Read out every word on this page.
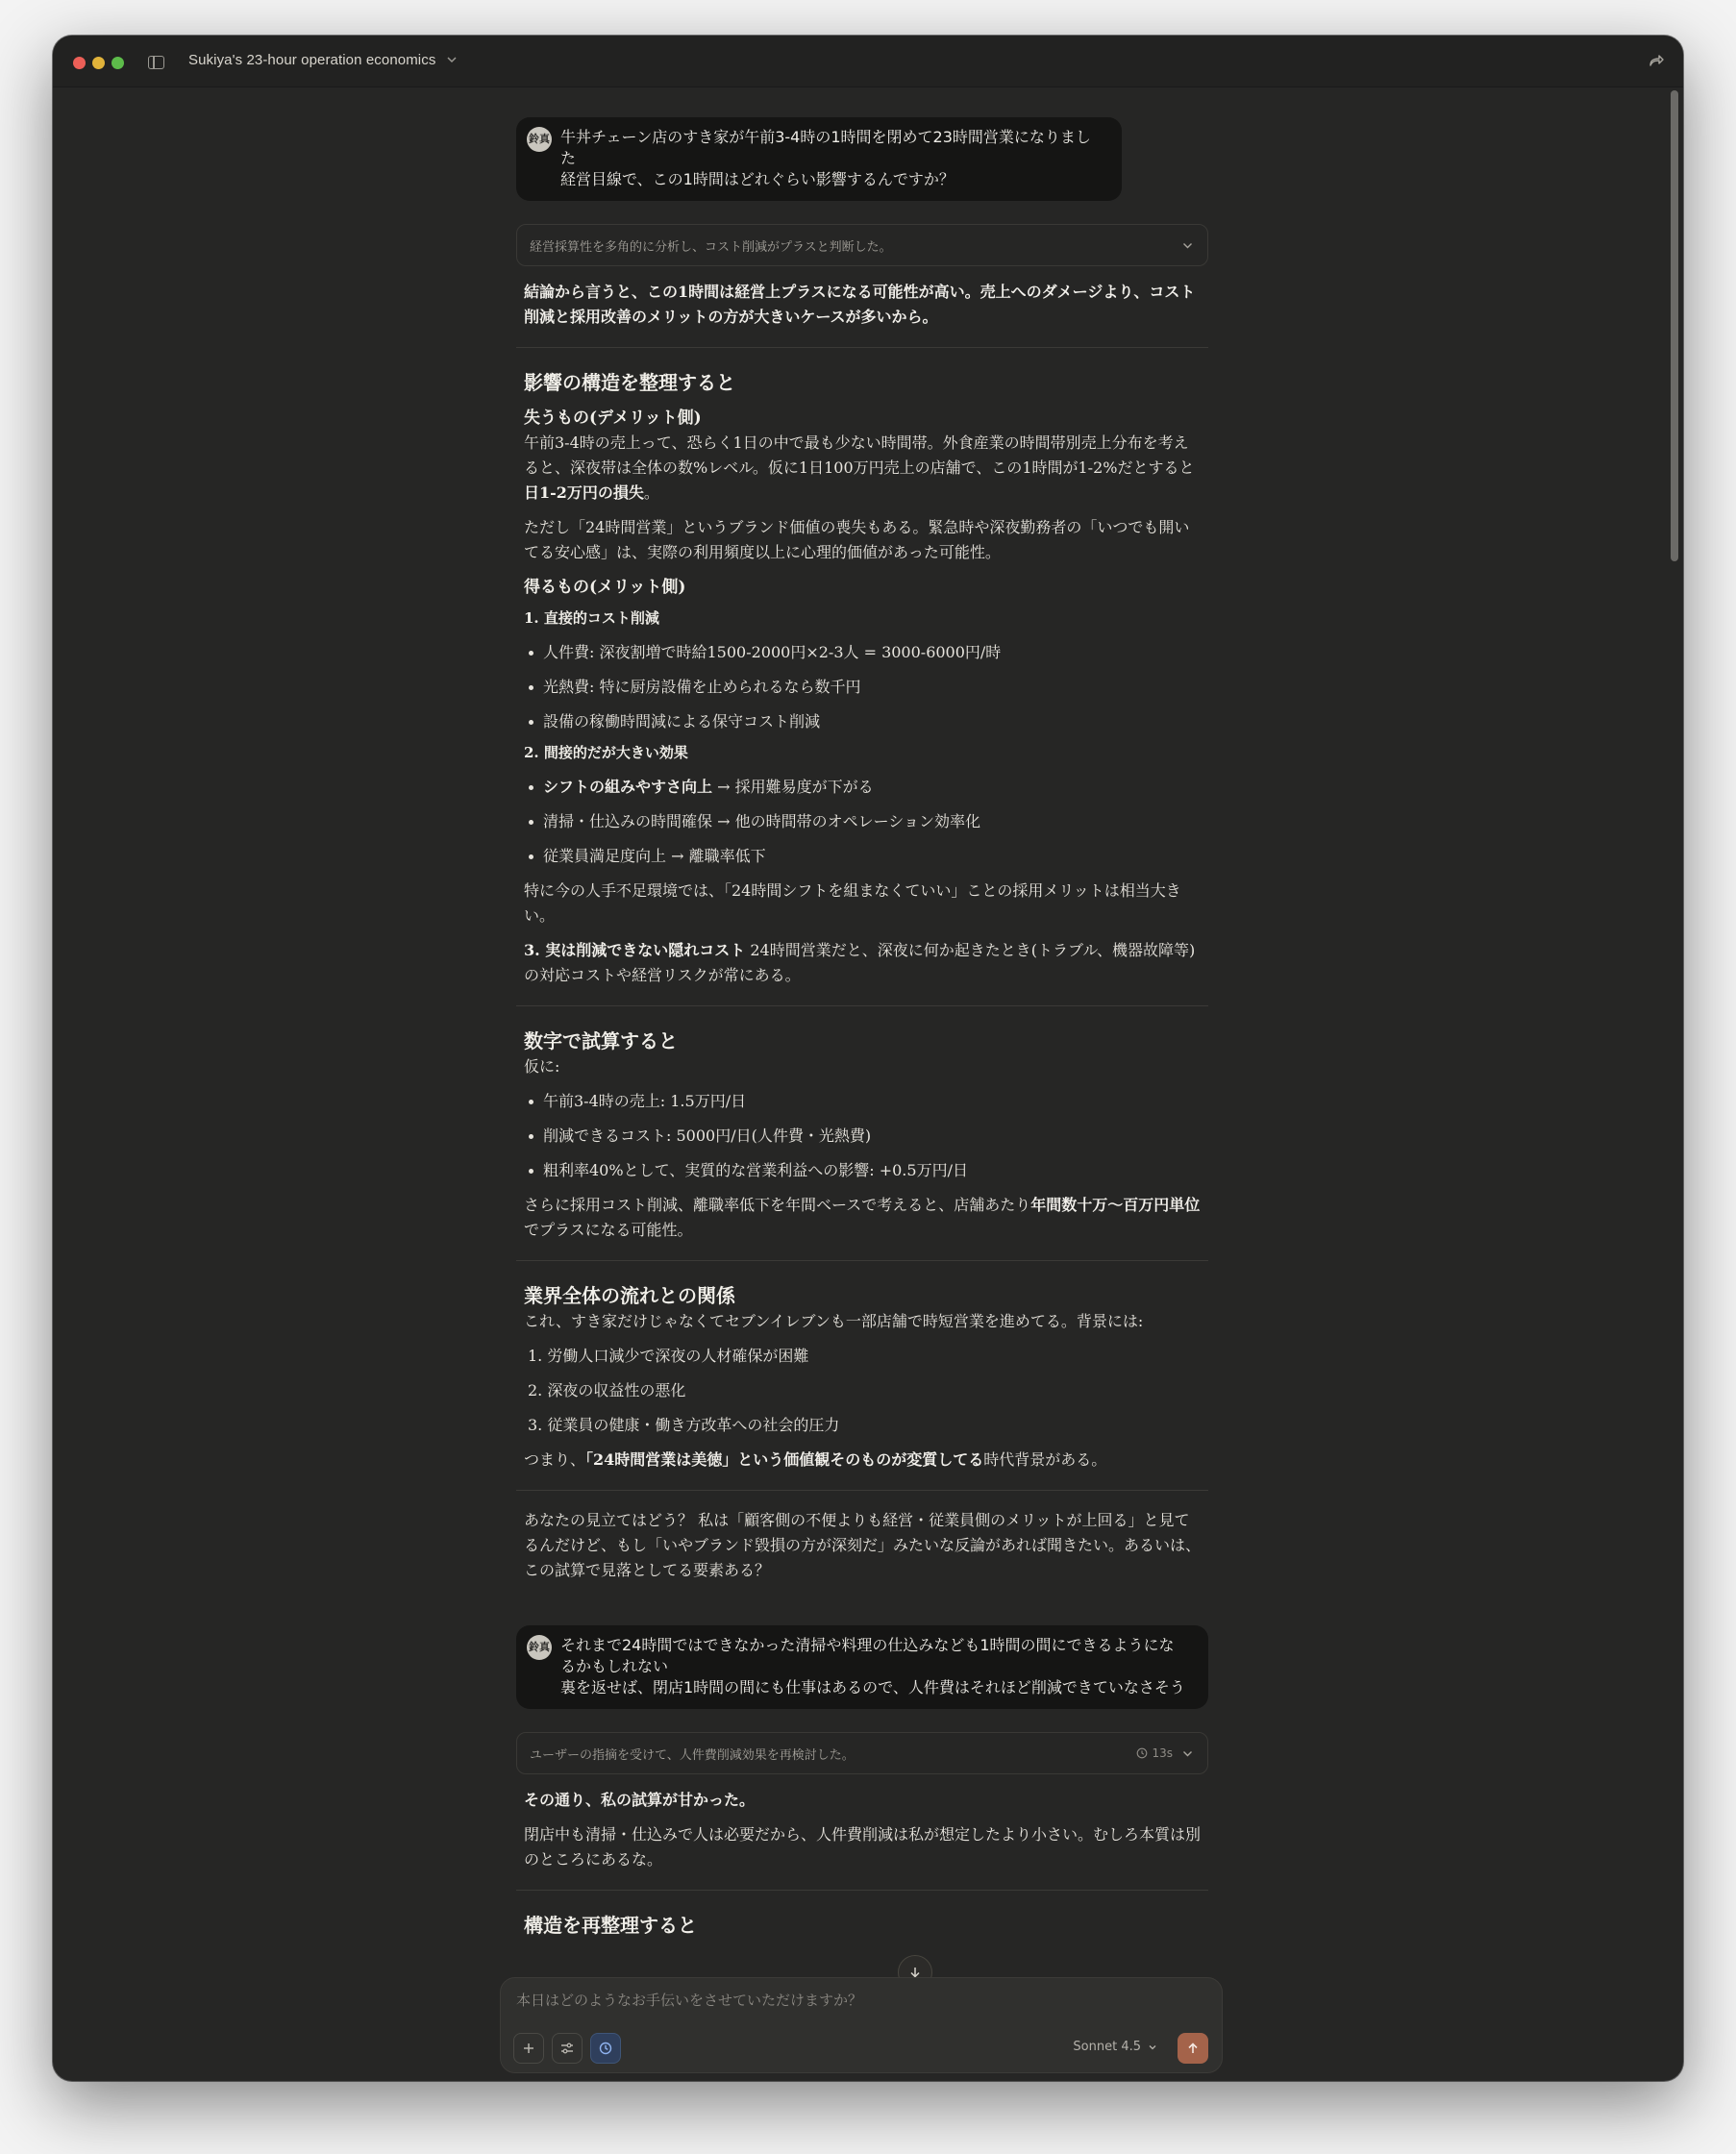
Sukiya's 23-hour operation economics
鈴真 牛丼チェーン店のすき家が午前3-4時の1時間を閉めて23時間営業になりました
経営目線で、この1時間はどれぐらい影響するんですか？
経営採算性を多角的に分析し、コスト削減がプラスと判断した。

結論から言うと、この1時間は経営上プラスになる可能性が高い。売上へのダメージより、コスト削減と採用改善のメリットの方が大きいケースが多いから。

影響の構造を整理すると
失うもの(デメリット側)

午前3-4時の売上って、恐らく1日の中で最も少ない時間帯。外食産業の時間帯別売上分布を考えると、深夜帯は全体の数%レベル。仮に1日100万円売上の店舗で、この1時間が1-2%だとすると日1-2万円の損失。

ただし「24時間営業」というブランド価値の喪失もある。緊急時や深夜勤務者の「いつでも開いてる安心感」は、実際の利用頻度以上に心理的価値があった可能性。

得るもの(メリット側)
1. 直接的コスト削減
人件費: 深夜割増で時給1500-2000円×2-3人 = 3000-6000円/時
光熱費: 特に厨房設備を止められるなら数千円
設備の稼働時間減による保守コスト削減
2. 間接的だが大きい効果
シフトの組みやすさ向上 → 採用難易度が下がる
清掃・仕込みの時間確保 → 他の時間帯のオペレーション効率化
従業員満足度向上 → 離職率低下

特に今の人手不足環境では、「24時間シフトを組まなくていい」ことの採用メリットは相当大きい。

3. 実は削減できない隠れコスト 24時間営業だと、深夜に何か起きたとき(トラブル、機器故障等)の対応コストや経営リスクが常にある。

数字で試算すると

仮に:

午前3-4時の売上: 1.5万円/日
削減できるコスト: 5000円/日(人件費・光熱費)
粗利率40%として、実質的な営業利益への影響: +0.5万円/日

さらに採用コスト削減、離職率低下を年間ベースで考えると、店舗あたり年間数十万〜百万円単位でプラスになる可能性。

業界全体の流れとの関係

これ、すき家だけじゃなくてセブンイレブンも一部店舗で時短営業を進めてる。背景には:

1. 労働人口減少で深夜の人材確保が困難
2. 深夜の収益性の悪化
3. 従業員の健康・働き方改革への社会的圧力

つまり、「24時間営業は美徳」という価値観そのものが変質してる時代背景がある。

あなたの見立てはどう？ 私は「顧客側の不便よりも経営・従業員側のメリットが上回る」と見てるんだけど、もし「いやブランド毀損の方が深刻だ」みたいな反論があれば聞きたい。あるいは、この試算で見落としてる要素ある？

鈴真 それまで24時間ではできなかった清掃や料理の仕込みなども1時間の間にできるようになるかもしれない
裏を返せば、閉店1時間の間にも仕事はあるので、人件費はそれほど削減できていなさそう
ユーザーの指摘を受けて、人件費削減効果を再検討した。	13s

その通り、私の試算が甘かった。

閉店中も清掃・仕込みで人は必要だから、人件費削減は私が想定したより小さい。むしろ本質は別のところにあるな。

構造を再整理すると
本日はどのようなお手伝いをさせていただけますか？
Sonnet 4.5
